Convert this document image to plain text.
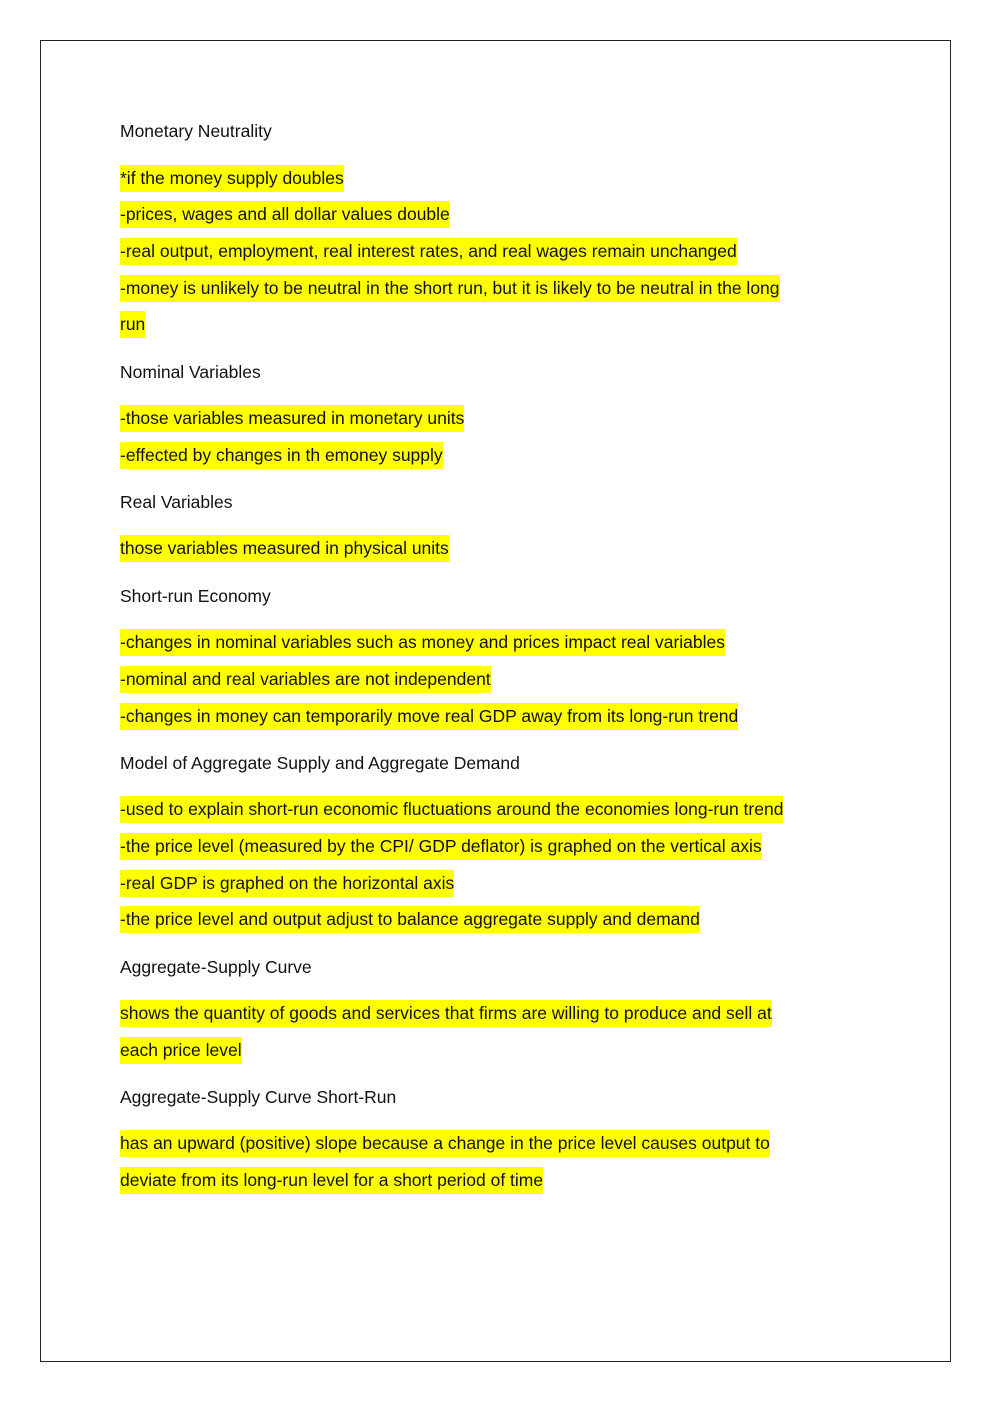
Monetary Neutrality
*if the money supply doubles
-prices, wages and all dollar values double
-real output, employment, real interest rates, and real wages remain unchanged
-money is unlikely to be neutral in the short run, but it is likely to be neutral in the long
run
Nominal Variables
-those variables measured in monetary units
-effected by changes in th emoney supply
Real Variables
those variables measured in physical units
Short-run Economy
-changes in nominal variables such as money and prices impact real variables
-nominal and real variables are not independent
-changes in money can temporarily move real GDP away from its long-run trend
Model of Aggregate Supply and Aggregate Demand
-used to explain short-run economic fluctuations around the economies long-run trend
-the price level (measured by the CPI/ GDP deflator) is graphed on the vertical axis
-real GDP is graphed on the horizontal axis
-the price level and output adjust to balance aggregate supply and demand
Aggregate-Supply Curve
shows the quantity of goods and services that firms are willing to produce and sell at
each price level
Aggregate-Supply Curve Short-Run
has an upward (positive) slope because a change in the price level causes output to
deviate from its long-run level for a short period of time
